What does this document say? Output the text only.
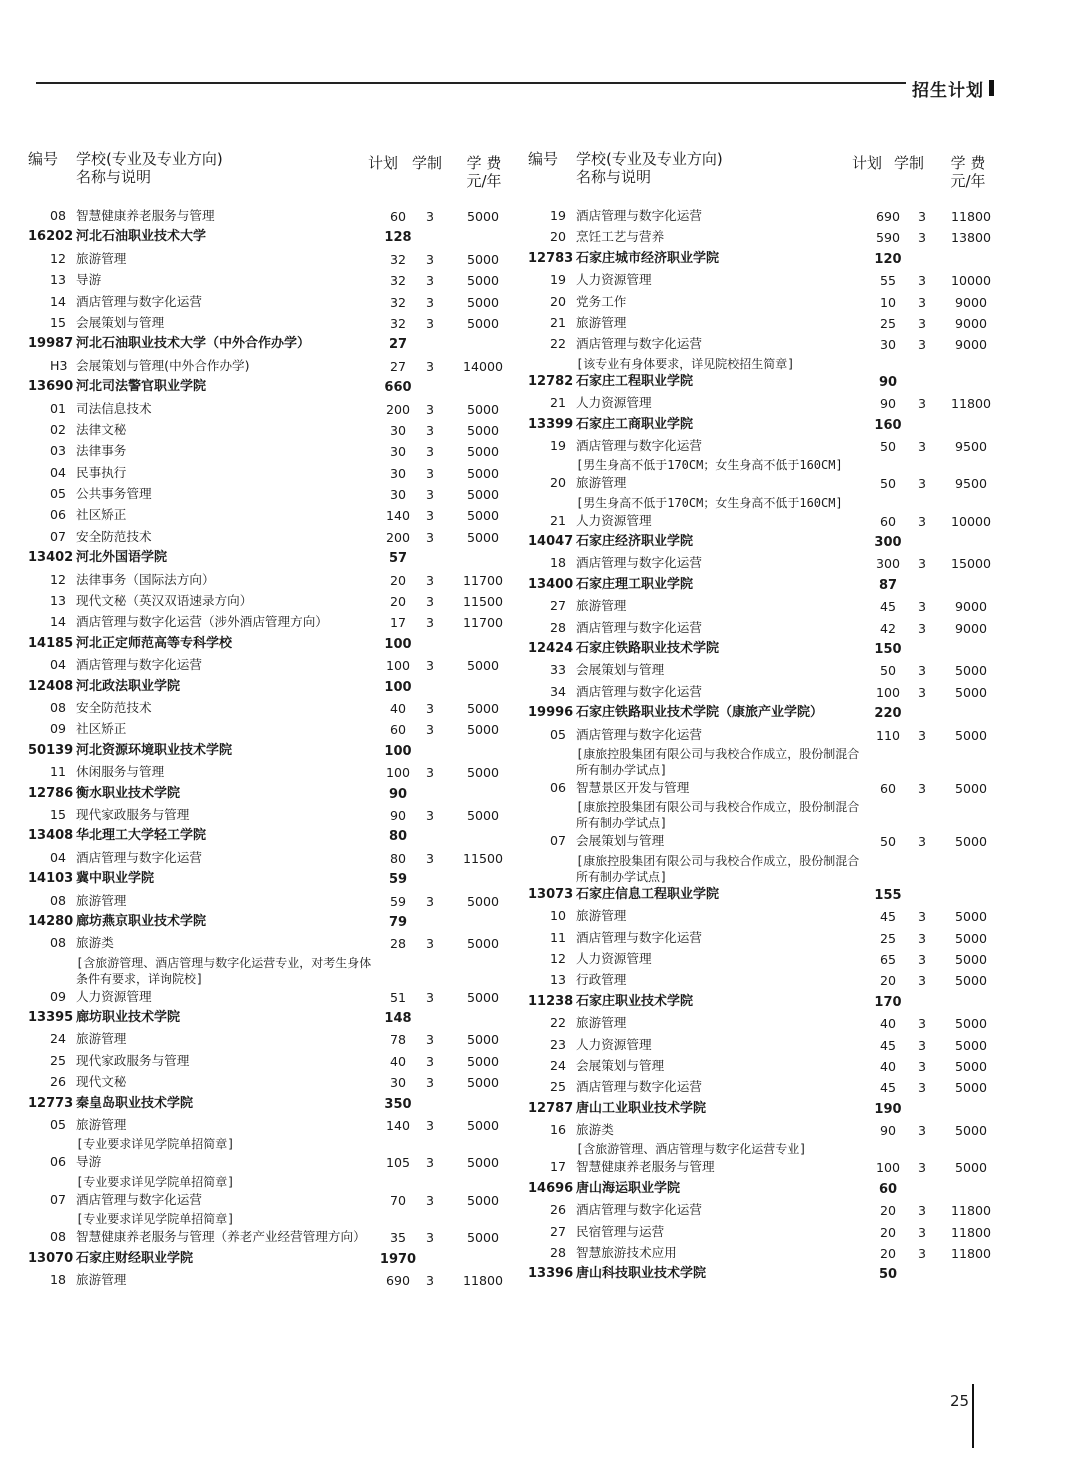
招生计划
编号 学校(专业及专业方向)
名称与说明
计划 学制	学 费
元/年
08 智慧健康养老服务与管理	60	3	5000
16202 河北石油职业技术大学	128
12 旅游管理	32	3	5000
13 导游	32	3	5000
14 酒店管理与数字化运营	32	3	5000
15 会展策划与管理	32	3	5000
19987 河北石油职业技术大学（中外合作办学）	27
H3 会展策划与管理(中外合作办学)	27	3	14000
13690 河北司法警官职业学院	660
01 司法信息技术	200	3	5000
02 法律文秘	30	3	5000
03 法律事务	30	3	5000
04 民事执行	30	3	5000
05 公共事务管理	30	3	5000
06 社区矫正	140	3	5000
07 安全防范技术	200	3	5000
13402 河北外国语学院	57
12 法律事务（国际法方向）	20	3	11700
13 现代文秘（英汉双语速录方向）	20	3	11500
14 酒店管理与数字化运营（涉外酒店管理方向）	17	3	11700
14185 河北正定师范高等专科学校	100
04 酒店管理与数字化运营	100	3	5000
12408 河北政法职业学院	100
08 安全防范技术	40	3	5000
09 社区矫正	60	3	5000
50139 河北资源环境职业技术学院	100
11 休闲服务与管理	100	3	5000
12786 衡水职业技术学院	90
15 现代家政服务与管理	90	3	5000
13408 华北理工大学轻工学院	80
04 酒店管理与数字化运营	80	3	11500
14103 冀中职业学院	59
08 旅游管理	59	3	5000
14280 廊坊燕京职业技术学院	79
08 旅游类	28	3	5000
[含旅游管理、酒店管理与数字化运营专业，对考生身体条件有要求，详询院校]
09 人力资源管理	51	3	5000
13395 廊坊职业技术学院	148
24 旅游管理	78	3	5000
25 现代家政服务与管理	40	3	5000
26 现代文秘	30	3	5000
12773 秦皇岛职业技术学院	350
05 旅游管理	140	3	5000
[专业要求详见学院单招简章]
06 导游	105	3	5000
[专业要求详见学院单招简章]
07 酒店管理与数字化运营	70	3	5000
[专业要求详见学院单招简章]
08 智慧健康养老服务与管理（养老产业经营管理方向）	35	3	5000
13070 石家庄财经职业学院	1970
18 旅游管理	690	3	11800
编号 学校(专业及专业方向)
名称与说明
计划 学制	学 费
元/年
19 酒店管理与数字化运营	690	3	11800
20 烹饪工艺与营养	590	3	13800
12783 石家庄城市经济职业学院	120
19 人力资源管理	55	3	10000
20 党务工作	10	3	9000
21 旅游管理	25	3	9000
22 酒店管理与数字化运营	30	3	9000
[该专业有身体要求，详见院校招生简章]
12782 石家庄工程职业学院	90
21 人力资源管理	90	3	11800
13399 石家庄工商职业学院	160
19 酒店管理与数字化运营	50	3	9500
[男生身高不低于170CM；女生身高不低于160CM]
20 旅游管理	50	3	9500
[男生身高不低于170CM；女生身高不低于160CM]
21 人力资源管理	60	3	10000
14047 石家庄经济职业学院	300
18 酒店管理与数字化运营	300	3	15000
13400 石家庄理工职业学院	87
27 旅游管理	45	3	9000
28 酒店管理与数字化运营	42	3	9000
12424 石家庄铁路职业技术学院	150
33 会展策划与管理	50	3	5000
34 酒店管理与数字化运营	100	3	5000
19996 石家庄铁路职业技术学院（康旅产业学院）	220
05 酒店管理与数字化运营	110	3	5000
[康旅控股集团有限公司与我校合作成立，股份制混合所有制办学试点]
06 智慧景区开发与管理	60	3	5000
[康旅控股集团有限公司与我校合作成立，股份制混合所有制办学试点]
07 会展策划与管理	50	3	5000
[康旅控股集团有限公司与我校合作成立，股份制混合所有制办学试点]
13073 石家庄信息工程职业学院	155
10 旅游管理	45	3	5000
11 酒店管理与数字化运营	25	3	5000
12 人力资源管理	65	3	5000
13 行政管理	20	3	5000
11238 石家庄职业技术学院	170
22 旅游管理	40	3	5000
23 人力资源管理	45	3	5000
24 会展策划与管理	40	3	5000
25 酒店管理与数字化运营	45	3	5000
12787 唐山工业职业技术学院	190
16 旅游类	90	3	5000
[含旅游管理、酒店管理与数字化运营专业]
17 智慧健康养老服务与管理	100	3	5000
14696 唐山海运职业学院	60
26 酒店管理与数字化运营	20	3	11800
27 民宿管理与运营	20	3	11800
28 智慧旅游技术应用	20	3	11800
13396 唐山科技职业技术学院	50
25
